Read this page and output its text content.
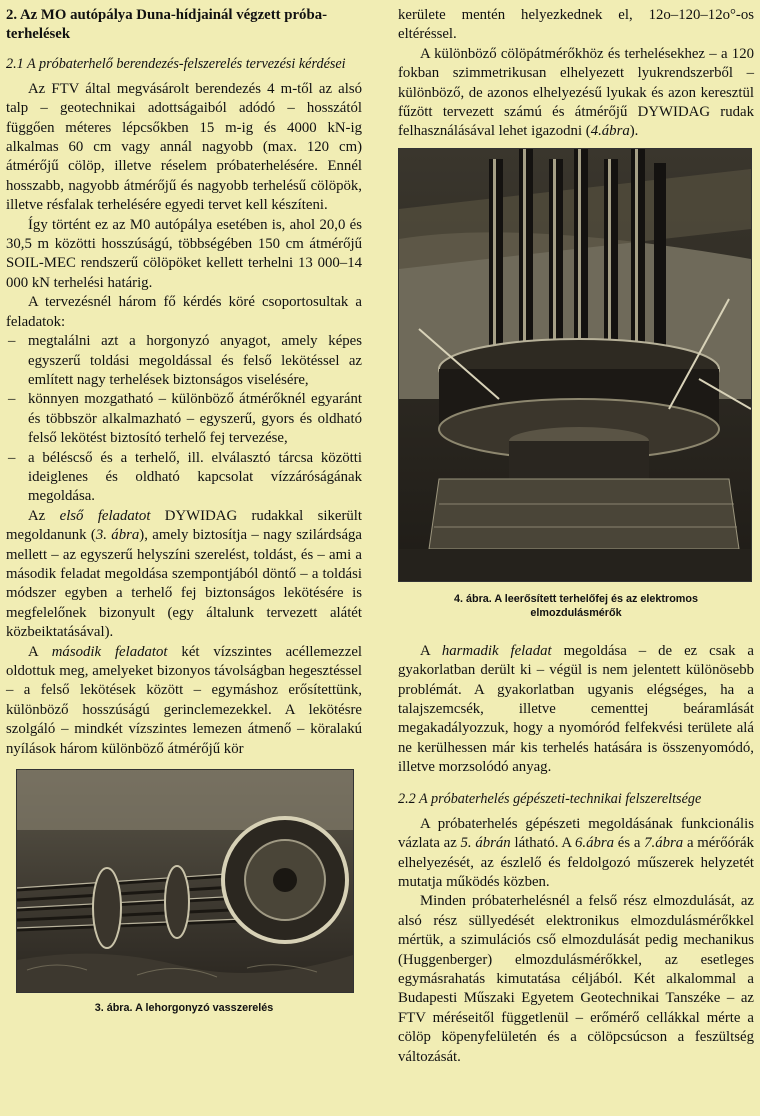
2. Az MO autópálya Duna-hídjainál végzett próba-terhelések
2.1 A próbaterhelő berendezés-felszerelés tervezési kérdései

Az FTV által megvásárolt berendezés 4 m-től az alsó talp – geotechnikai adottságaiból adódó – hosszától függően méteres lépcsőkben 15 m-ig és 4000 kN-ig alkalmas 60 cm vagy annál nagyobb (max. 120 cm) átmérőjű cölöp, illetve réselem próbaterhelésére. Ennél hosszabb, nagyobb átmérőjű és nagyobb terhelésű cölöpök, illetve résfalak terhelésére egyedi tervet kell készíteni.

Így történt ez az M0 autópálya esetében is, ahol 20,0 és 30,5 m közötti hosszúságú, többségében 150 cm átmérőjű SOIL-MEC rendszerű cölöpöket kellett terhelni 13 000–14 000 kN terhelési határig.

A tervezésnél három fő kérdés köré csoportosultak a feladatok:

– megtalálni azt a horgonyzó anyagot, amely képes egyszerű toldási megoldással és felső lekötéssel az említett nagy terhelések biztonságos viselésére,
– könnyen mozgatható – különböző átmérőknél egyaránt és többször alkalmazható – egyszerű, gyors és oldható felső lekötést biztosító terhelő fej tervezése,
– a béléscső és a terhelő, ill. elválasztó tárcsa közötti ideiglenes és oldható kapcsolat vízzáróságának megoldása.

Az első feladatot DYWIDAG rudakkal sikerült megoldanunk (3. ábra), amely biztosítja – nagy szilárdsága mellett – az egyszerű helyszíni szerelést, toldást, és – ami a második feladat megoldása szempontjából döntő – a toldási módszer egyben a terhelő fej biztonságos lekötésére is megfelelőnek bizonyult (egy általunk tervezett alátét közbeiktatásával).

A második feladatot két vízszintes acéllemezzel oldottuk meg, amelyeket bizonyos távolságban hegesztéssel – a felső lekötések között – egymáshoz erősítettünk, különböző hosszúságú gerinclemezekkel. A lekötésre szolgáló – mindkét vízszintes lemezen átmenő – köralakú nyílások három különböző átmérőjű kör

3. ábra. A lehorgonyzó vasszerelés

kerülete mentén helyezkednek el, 12o–120–12o°-os eltéréssel.

A különböző cölöpátmérőkhöz és terhelésekhez – a 120 fokban szimmetrikusan elhelyezett lyukrendszerből – különböző, de azonos elhelyezésű lyukak és azon keresztül fűzött tervezett számú és átmérőjű DYWIDAG rudak felhasználásával lehet igazodni (4.ábra).

4. ábra. A leerősített terhelőfej és az elektromos elmozdulásmérők

A harmadik feladat megoldása – de ez csak a gyakorlatban derült ki – végül is nem jelentett különösebb problémát. A gyakorlatban ugyanis elégséges, ha a talajszemcsék, illetve cementtej beáramlását megakadályozzuk, hogy a nyomóród felfekvési területe alá ne kerülhessen már kis terhelés hatására is összenyomódó, illetve morzsolódó anyag.

2.2 A próbaterhelés gépészeti-technikai felszereltsége

A próbaterhelés gépészeti megoldásának funkcionális vázlata az 5. ábrán látható. A 6.ábra és a 7.ábra a mérőórák elhelyezését, az észlelő és feldolgozó műszerek helyzetét mutatja működés közben.

Minden próbaterhelésnél a felső rész elmozdulását, az alsó rész süllyedését elektronikus elmozdulásmérőkkel mértük, a szimulációs cső elmozdulását pedig mechanikus (Huggenberger) elmozdulásmérőkkel, az esetleges egymásrahatás kimutatása céljából. Két alkalommal a Budapesti Műszaki Egyetem Geotechnikai Tanszéke – az FTV méréseitől függetlenül – erőmérő cellákkal mérte a cölöp köpenyfelületén és a cölöpcsúcson a feszültség változását.
